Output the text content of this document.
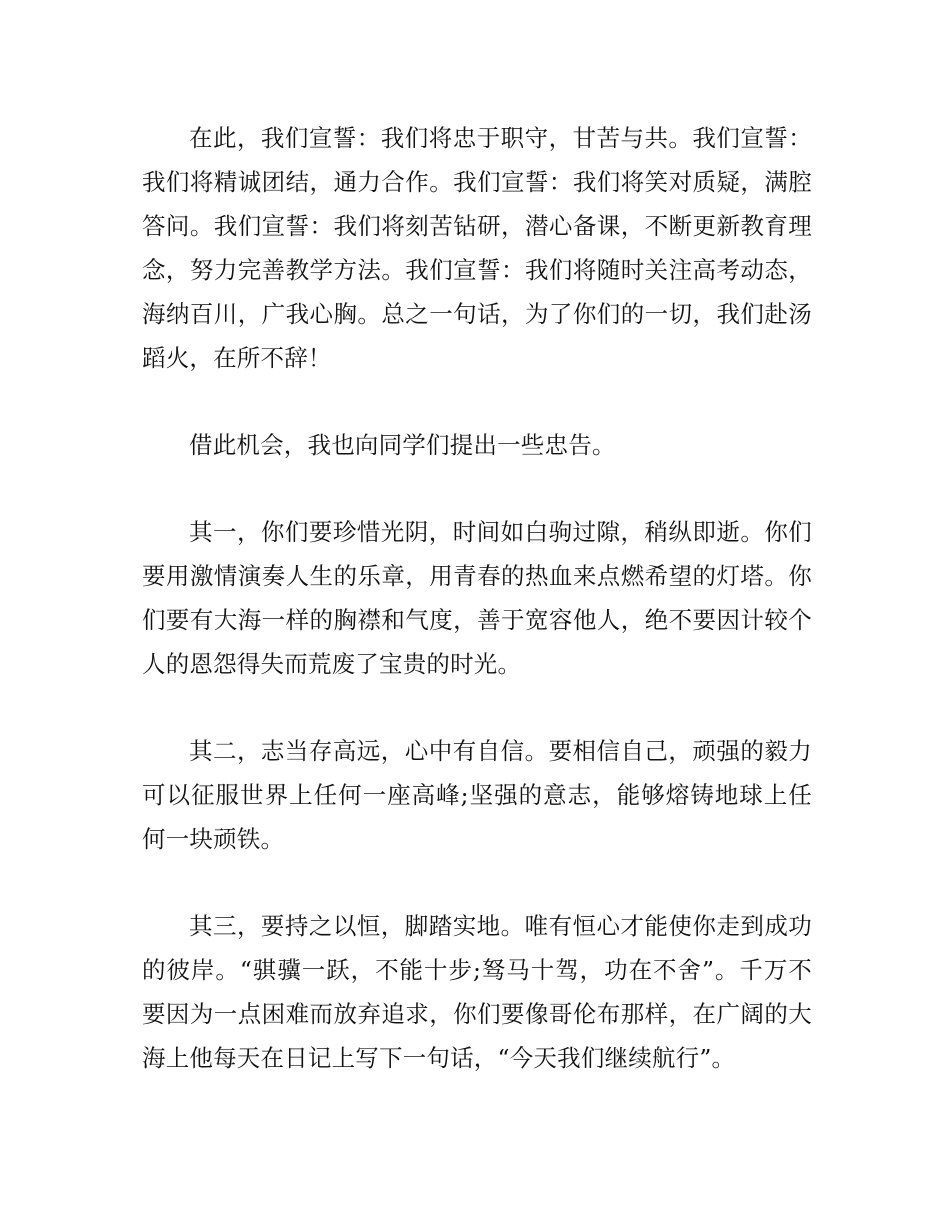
在此，我们宣誓：我们将忠于职守，甘苦与共。我们宣誓：我们将精诚团结，通力合作。我们宣誓：我们将笑对质疑，满腔答问。我们宣誓：我们将刻苦钻研，潜心备课，不断更新教育理念，努力完善教学方法。我们宣誓：我们将随时关注高考动态，海纳百川，广我心胸。总之一句话，为了你们的一切，我们赴汤蹈火，在所不辞！

借此机会，我也向同学们提出一些忠告。

其一，你们要珍惜光阴，时间如白驹过隙，稍纵即逝。你们要用激情演奏人生的乐章，用青春的热血来点燃希望的灯塔。你们要有大海一样的胸襟和气度，善于宽容他人，绝不要因计较个人的恩怨得失而荒废了宝贵的时光。

其二，志当存高远，心中有自信。要相信自己，顽强的毅力可以征服世界上任何一座高峰;坚强的意志，能够熔铸地球上任何一块顽铁。

其三，要持之以恒，脚踏实地。唯有恒心才能使你走到成功的彼岸。“骐骥一跃，不能十步;驽马十驾，功在不舍”。千万不要因为一点困难而放弃追求，你们要像哥伦布那样，在广阔的大海上他每天在日记上写下一句话，“今天我们继续航行”。
